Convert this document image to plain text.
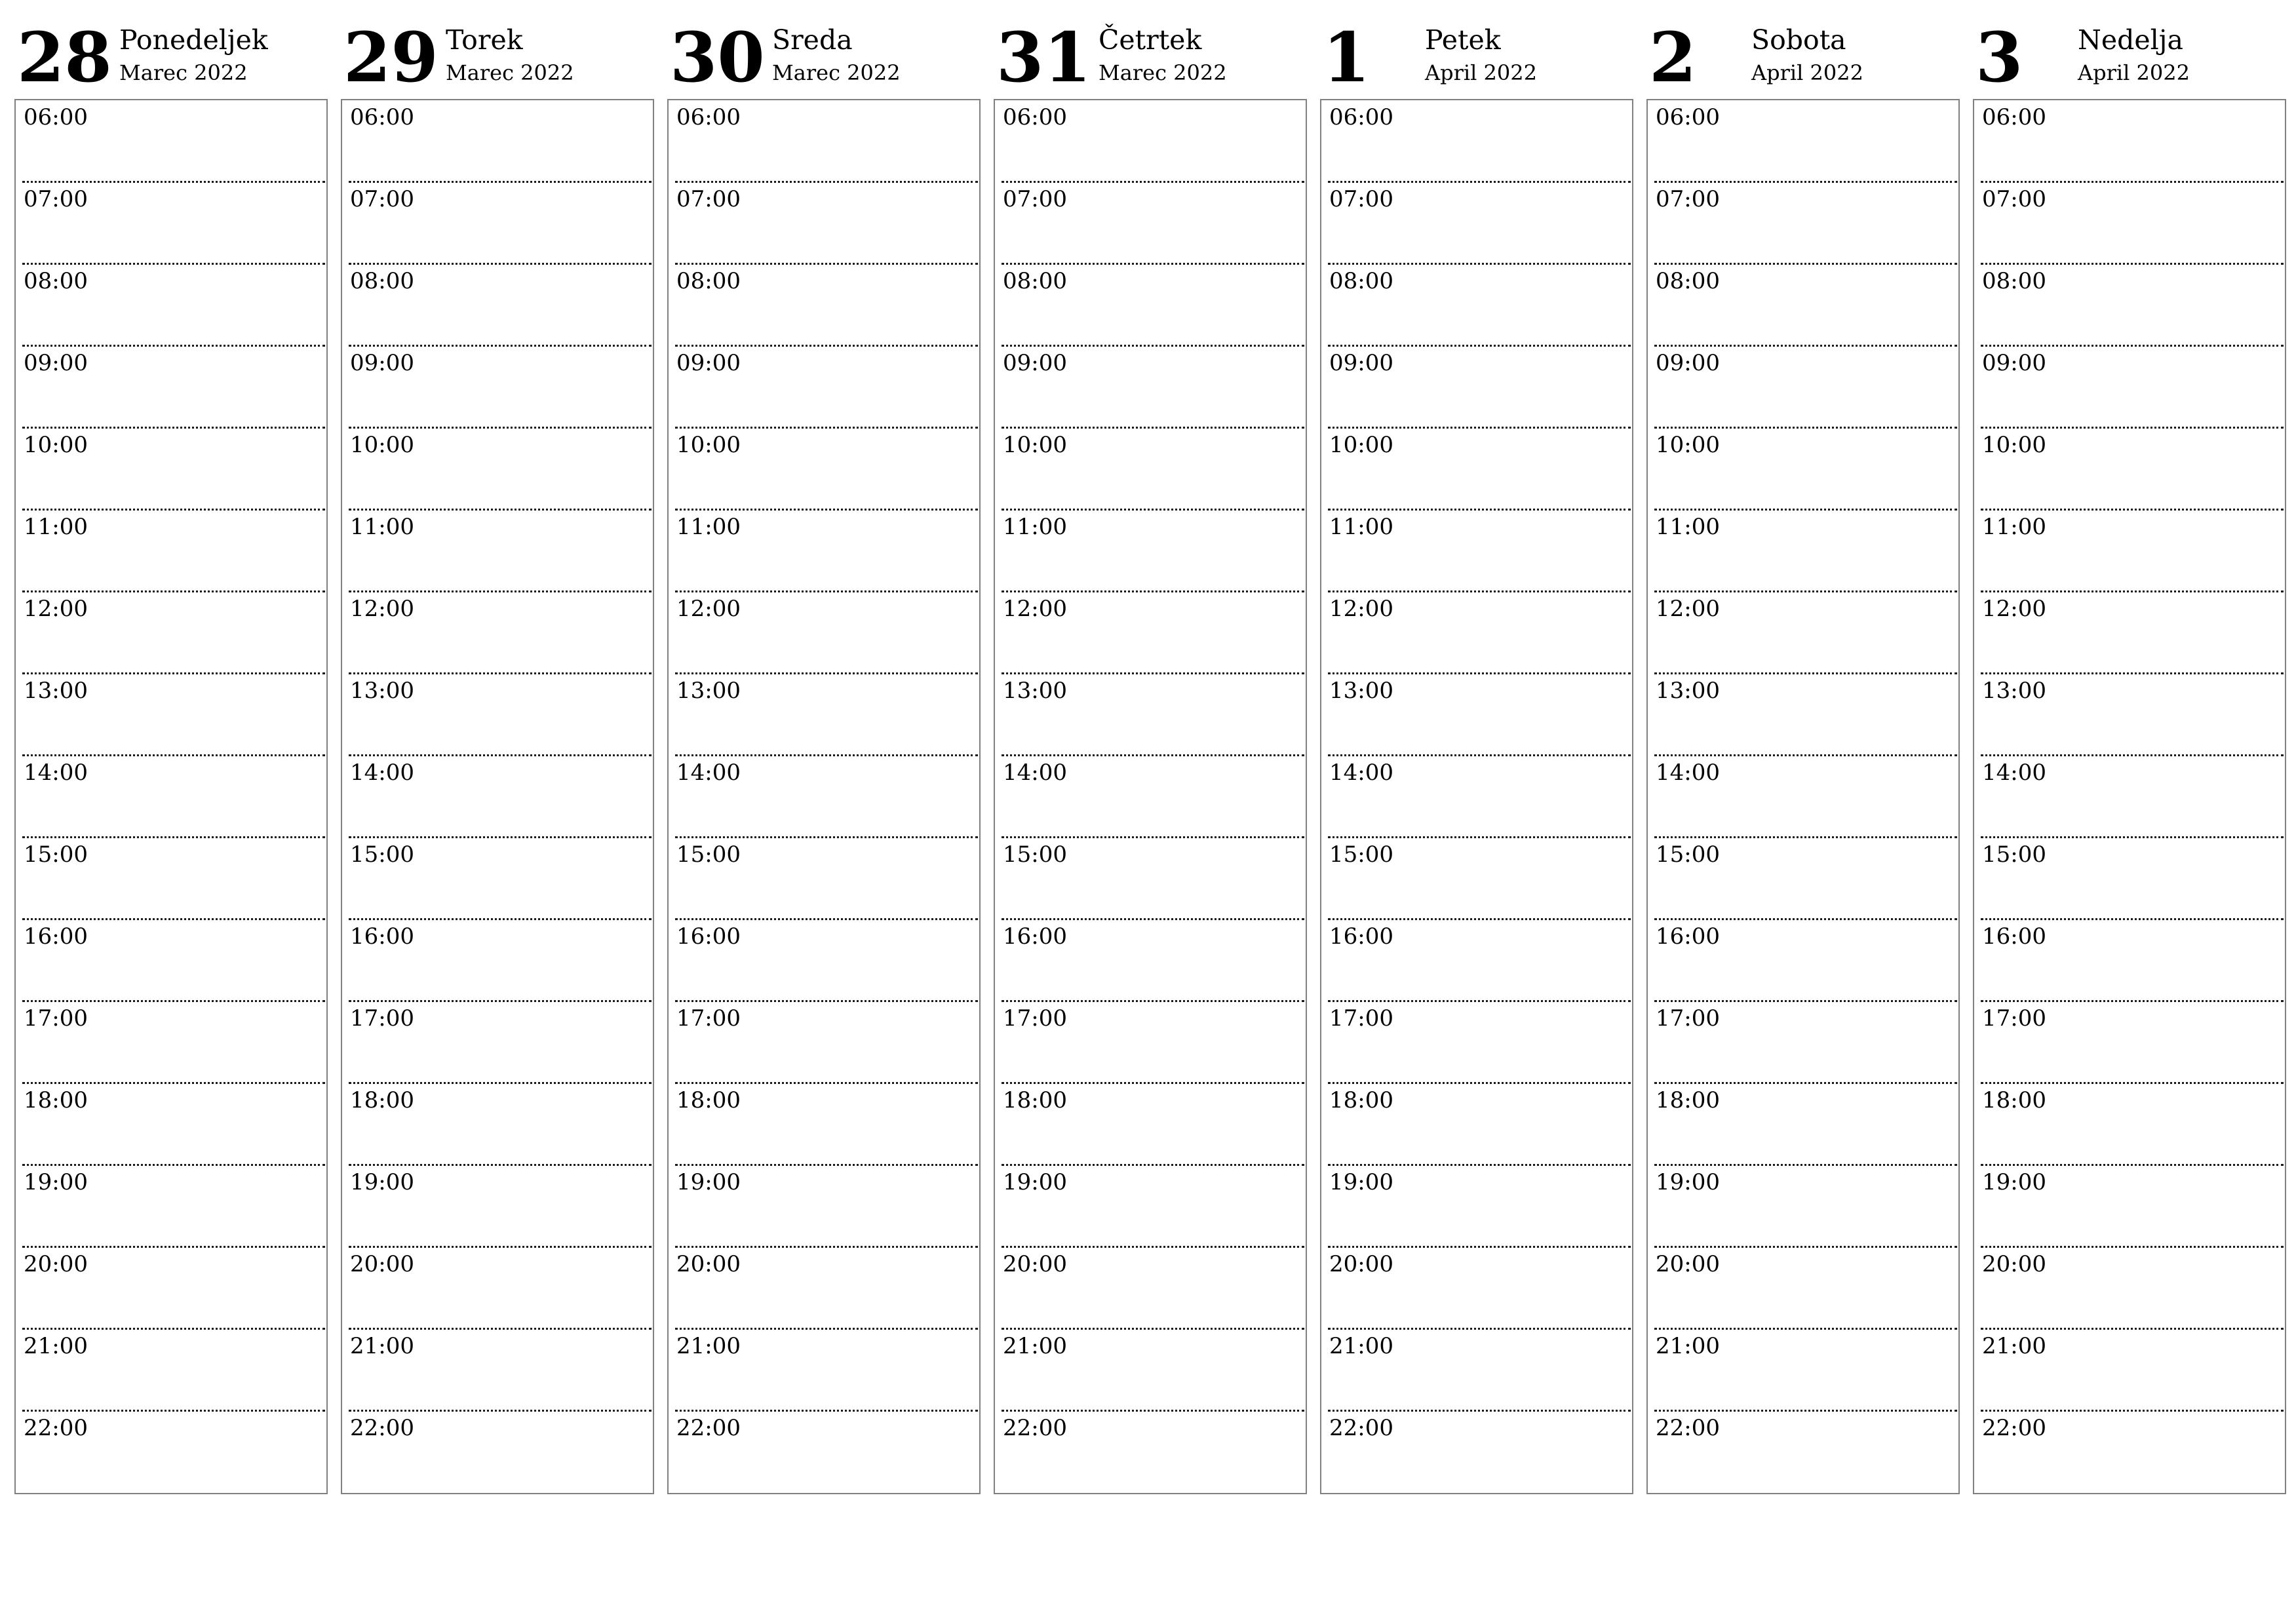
28 Ponedeljek
Marec 2022
06:00
07:00
08:00
09:00
10:00
11:00
12:00
13:00
14:00
15:00
16:00
17:00
18:00
19:00
20:00
21:00
22:00
29 Torek
Marec 2022
06:00
07:00
08:00
09:00
10:00
11:00
12:00
13:00
14:00
15:00
16:00
17:00
18:00
19:00
20:00
21:00
22:00
30 Sreda
Marec 2022
06:00
07:00
08:00
09:00
10:00
11:00
12:00
13:00
14:00
15:00
16:00
17:00
18:00
19:00
20:00
21:00
22:00
31 Četrtek
Marec 2022
06:00
07:00
08:00
09:00
10:00
11:00
12:00
13:00
14:00
15:00
16:00
17:00
18:00
19:00
20:00
21:00
22:00
1 Petek
April 2022
06:00
07:00
08:00
09:00
10:00
11:00
12:00
13:00
14:00
15:00
16:00
17:00
18:00
19:00
20:00
21:00
22:00
2 Sobota
April 2022
06:00
07:00
08:00
09:00
10:00
11:00
12:00
13:00
14:00
15:00
16:00
17:00
18:00
19:00
20:00
21:00
22:00
3 Nedelja
April 2022
06:00
07:00
08:00
09:00
10:00
11:00
12:00
13:00
14:00
15:00
16:00
17:00
18:00
19:00
20:00
21:00
22:00
